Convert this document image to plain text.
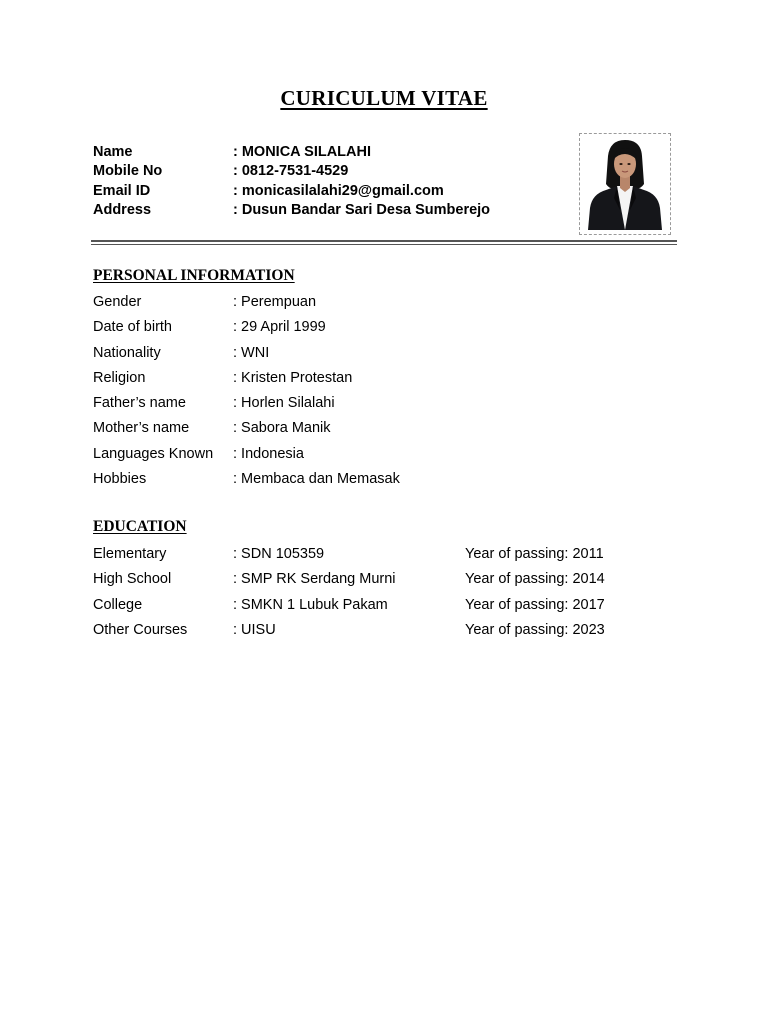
CURICULUM VITAE
Name	: MONICA SILALAHI
Mobile No	: 0812-7531-4529
Email ID	: monicasilalahi29@gmail.com
Address	: Dusun Bandar Sari Desa Sumberejo
PERSONAL INFORMATION
Gender	: Perempuan
Date of birth	: 29 April 1999
Nationality	: WNI
Religion	: Kristen Protestan
Father’s name	: Horlen Silalahi
Mother’s name	: Sabora Manik
Languages Known : Indonesia
Hobbies	: Membaca dan Memasak
EDUCATION
Elementary	: SDN 105359	Year of passing: 2011
High School	: SMP RK Serdang Murni	Year of passing: 2014
College	: SMKN 1 Lubuk Pakam	Year of passing: 2017
Other Courses	: UISU	Year of passing: 2023
